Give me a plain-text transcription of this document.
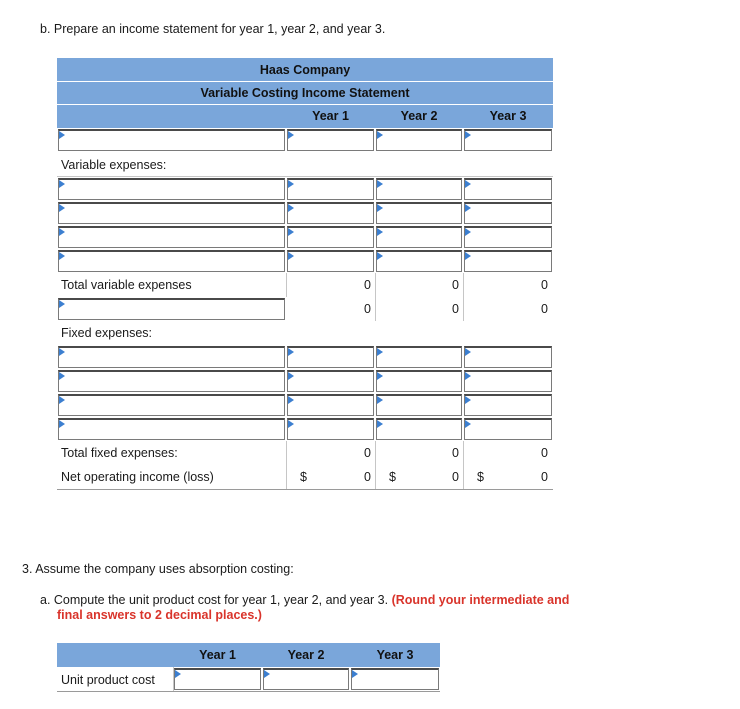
b. Prepare an income statement for year 1, year 2, and year 3.
Haas Company
Variable Costing Income Statement
Year 1	Year 2	Year 3
Variable expenses:
Total variable expenses	0	0	0
0	0	0
Fixed expenses:
Total fixed expenses:	0	0	0
Net operating income (loss)	$	0 $	0 $	0
3. Assume the company uses absorption costing:
a. Compute the unit product cost for year 1, year 2, and year 3. (Round your intermediate and
final answers to 2 decimal places.)
Year 1	Year 2	Year 3
Unit product cost
